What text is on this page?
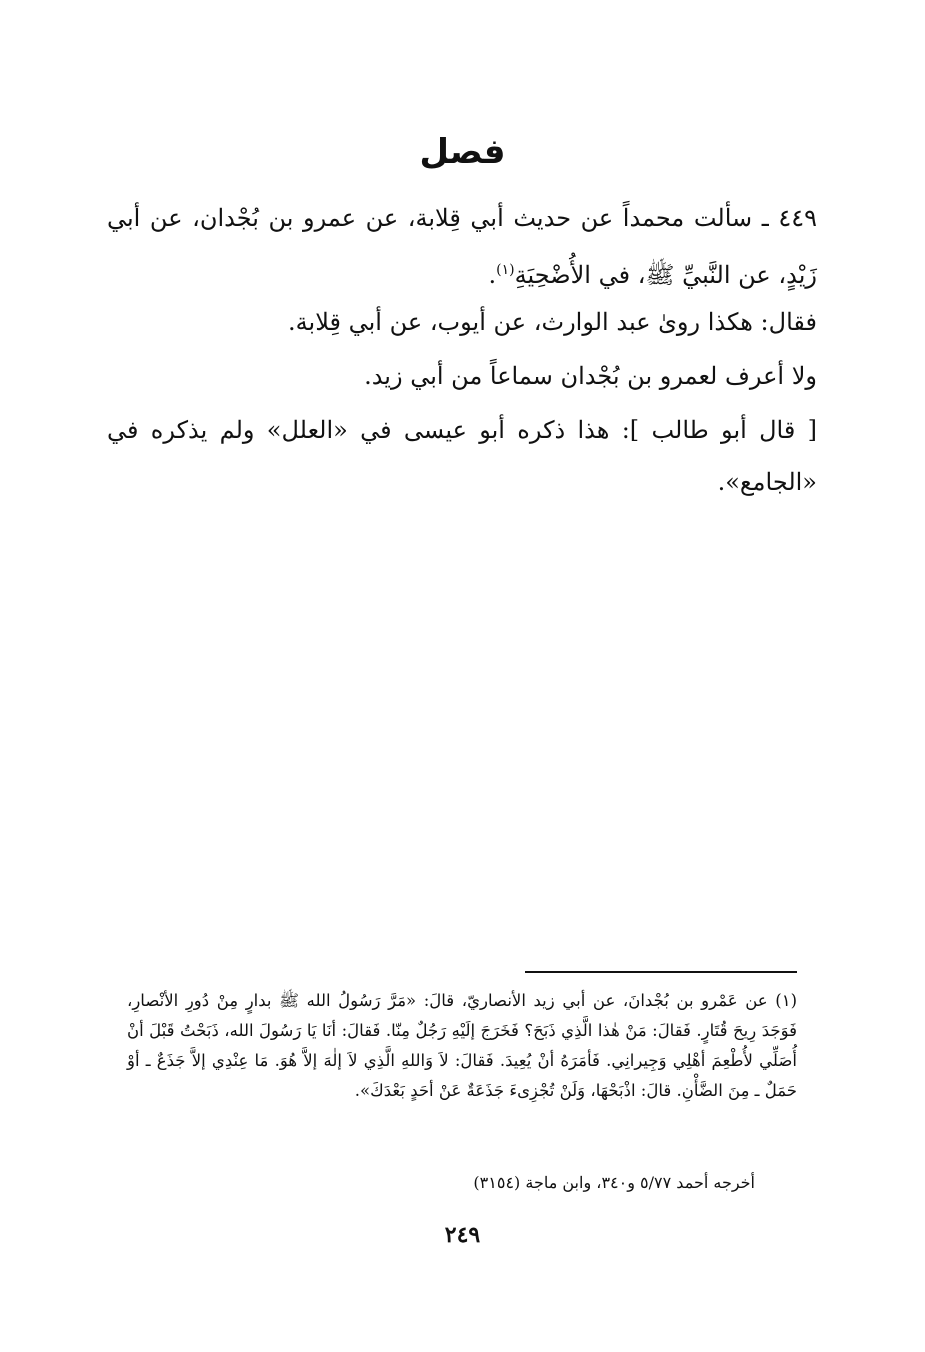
فصل

٤٤٩ ـ سألت محمداً عن حديث أبي قِلابة، عن عمرو بن بُجْدان، عن أبي زَيْدٍ، عن النَّبيِّ ﷺ، في الأُضْحِيَةِ$^{(١)}$.

فقال: هكذا روىٰ عبد الوارث، عن أيوب، عن أبي قِلابة.

ولا أعرف لعمرو بن بُجْدان سماعاً من أبي زيد.

[ قال أبو طالب ]: هذا ذكره أبو عيسى في «العلل» ولم يذكره في «الجامع».

(١) عن عَمْرو بن بُجْدانَ، عن أبي زيد الأنصاريّ، قالَ: «مَرَّ رَسُولُ الله ﷺ بدارٍ مِنْ دُورِ الأنْصارِ، فَوَجَدَ رِيحَ قُتَارٍ. فَقالَ: مَنْ هٰذا الَّذِي ذَبَحَ؟ فَخَرَجَ إلَيْهِ رَجُلٌ مِنّا. فَقالَ: أنَا يَا رَسُولَ الله، ذَبَحْتُ قَبْلَ أنْ أُصَلِّي لأُطْعِمَ أهْلِي وَجِيرانِي. فَأمَرَهُ أنْ يُعِيدَ. فَقالَ: لاَ وَاللهِ الَّذِي لاَ إلٰهَ إلاَّ هُوَ. مَا عِنْدِي إلاَّ جَذَعٌ ـ أوْ حَمَلٌ ـ مِنَ الضَّأْنِ. قالَ: اذْبَحْهَا، وَلَنْ تُجْزِىءَ جَذَعَةٌ عَنْ أحَدٍ بَعْدَكَ».

أخرجه أحمد ٥/٧٧ و٣٤٠، وابن ماجة (٣١٥٤)
٢٤٩
